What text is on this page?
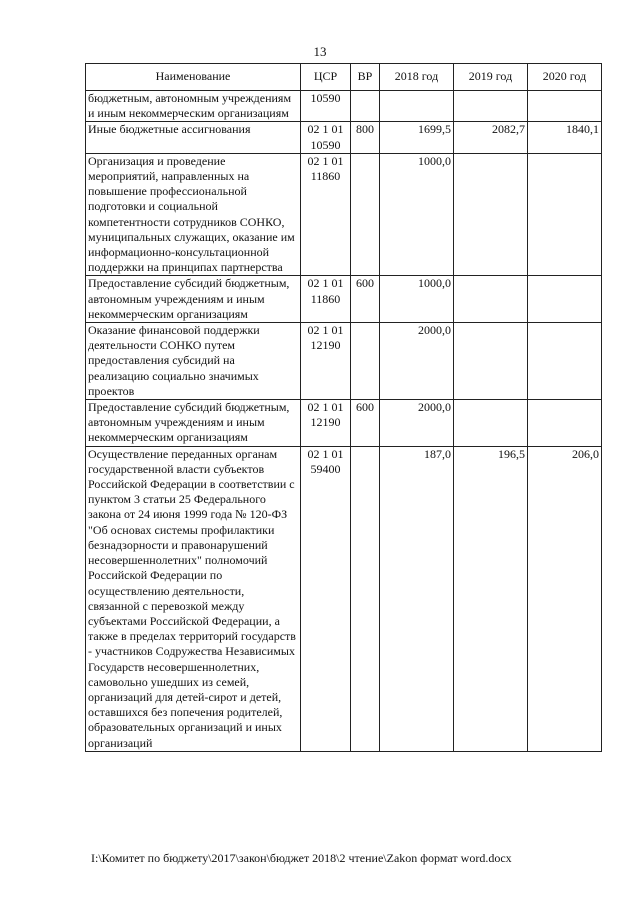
13
Наименование	ЦСР	ВР	2018 год	2019 год	2020 год
бюджетным, автономным учреждениям и иным некоммерческим организациям	10590				
Иные бюджетные ассигнования	02 1 01 10590	800	1699,5	2082,7	1840,1
Организация и проведение мероприятий, направленных на повышение профессиональной подготовки и социальной компетентности сотрудников СОНКО, муниципальных служащих, оказание им информационно-консультационной поддержки на принципах партнерства	02 1 01 11860		1000,0		
Предоставление субсидий бюджетным, автономным учреждениям и иным некоммерческим организациям	02 1 01 11860	600	1000,0		
Оказание финансовой поддержки деятельности СОНКО путем предоставления субсидий на реализацию социально значимых проектов	02 1 01 12190		2000,0		
Предоставление субсидий бюджетным, автономным учреждениям и иным некоммерческим организациям	02 1 01 12190	600	2000,0		
Осуществление переданных органам государственной власти субъектов Российской Федерации в соответствии с пунктом 3 статьи 25 Федерального закона от 24 июня 1999 года № 120-ФЗ "Об основах системы профилактики безнадзорности и правонарушений несовершеннолетних" полномочий Российской Федерации по осуществлению деятельности, связанной с перевозкой между субъектами Российской Федерации, а также в пределах территорий государств - участников Содружества Независимых Государств несовершеннолетних, самовольно ушедших из семей, организаций для детей-сирот и детей, оставшихся без попечения родителей, образовательных организаций и иных организаций	02 1 01 59400		187,0	196,5	206,0
I:\Комитет по бюджету\2017\закон\бюджет 2018\2 чтение\Zakon формат word.docx
